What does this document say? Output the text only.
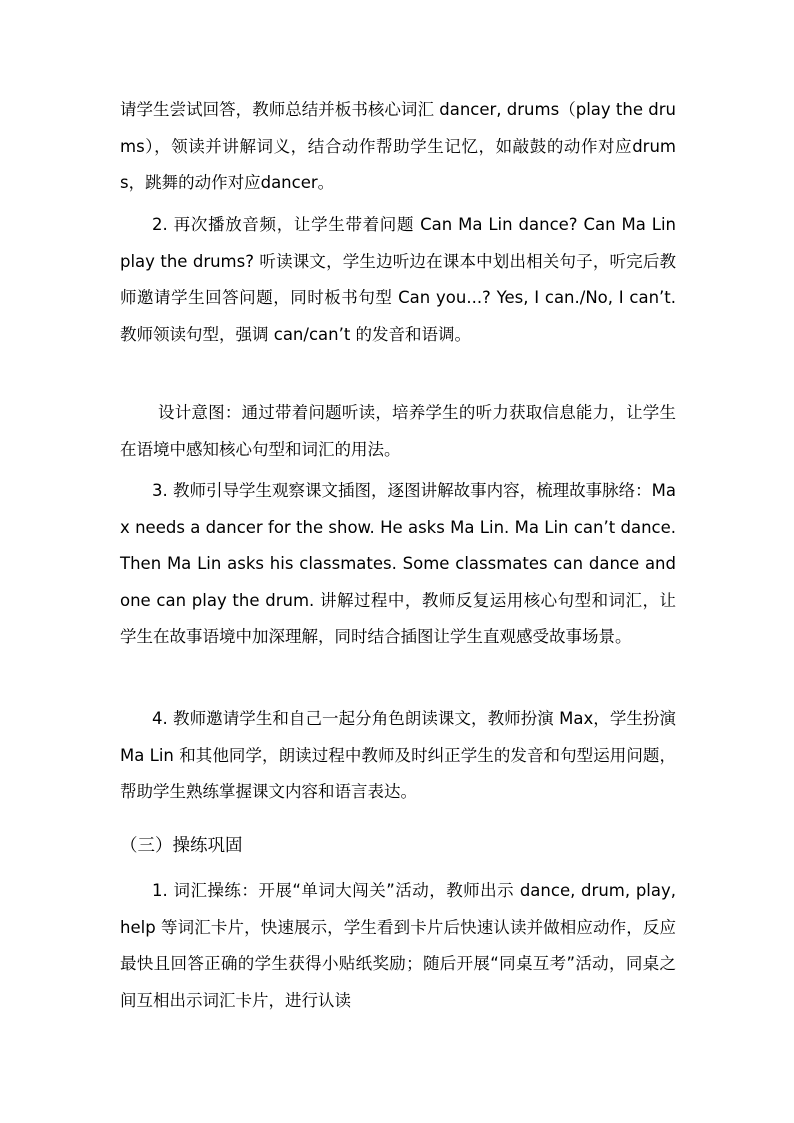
请学生尝试回答，教师总结并板书核心词汇 dancer, drums（play the drums），领读并讲解词义，结合动作帮助学生记忆，如敲鼓的动作对应drums，跳舞的动作对应dancer。

2. 再次播放音频，让学生带着问题 Can Ma Lin dance? Can Ma Lin play the drums? 听读课文，学生边听边在课本中划出相关句子，听完后教师邀请学生回答问题，同时板书句型 Can you...? Yes, I can./No, I can’t. 教师领读句型，强调 can/can’t 的发音和语调。

设计意图：通过带着问题听读，培养学生的听力获取信息能力，让学生在语境中感知核心句型和词汇的用法。

3. 教师引导学生观察课文插图，逐图讲解故事内容，梳理故事脉络：Max needs a dancer for the show. He asks Ma Lin. Ma Lin can’t dance. Then Ma Lin asks his classmates. Some classmates can dance and one can play the drum. 讲解过程中，教师反复运用核心句型和词汇，让学生在故事语境中加深理解，同时结合插图让学生直观感受故事场景。

4. 教师邀请学生和自己一起分角色朗读课文，教师扮演 Max，学生扮演 Ma Lin 和其他同学，朗读过程中教师及时纠正学生的发音和句型运用问题，帮助学生熟练掌握课文内容和语言表达。

（三）操练巩固

1. 词汇操练：开展“单词大闯关”活动，教师出示 dance, drum, play, help 等词汇卡片，快速展示，学生看到卡片后快速认读并做相应动作，反应最快且回答正确的学生获得小贴纸奖励；随后开展“同桌互考”活动，同桌之间互相出示词汇卡片，进行认读
